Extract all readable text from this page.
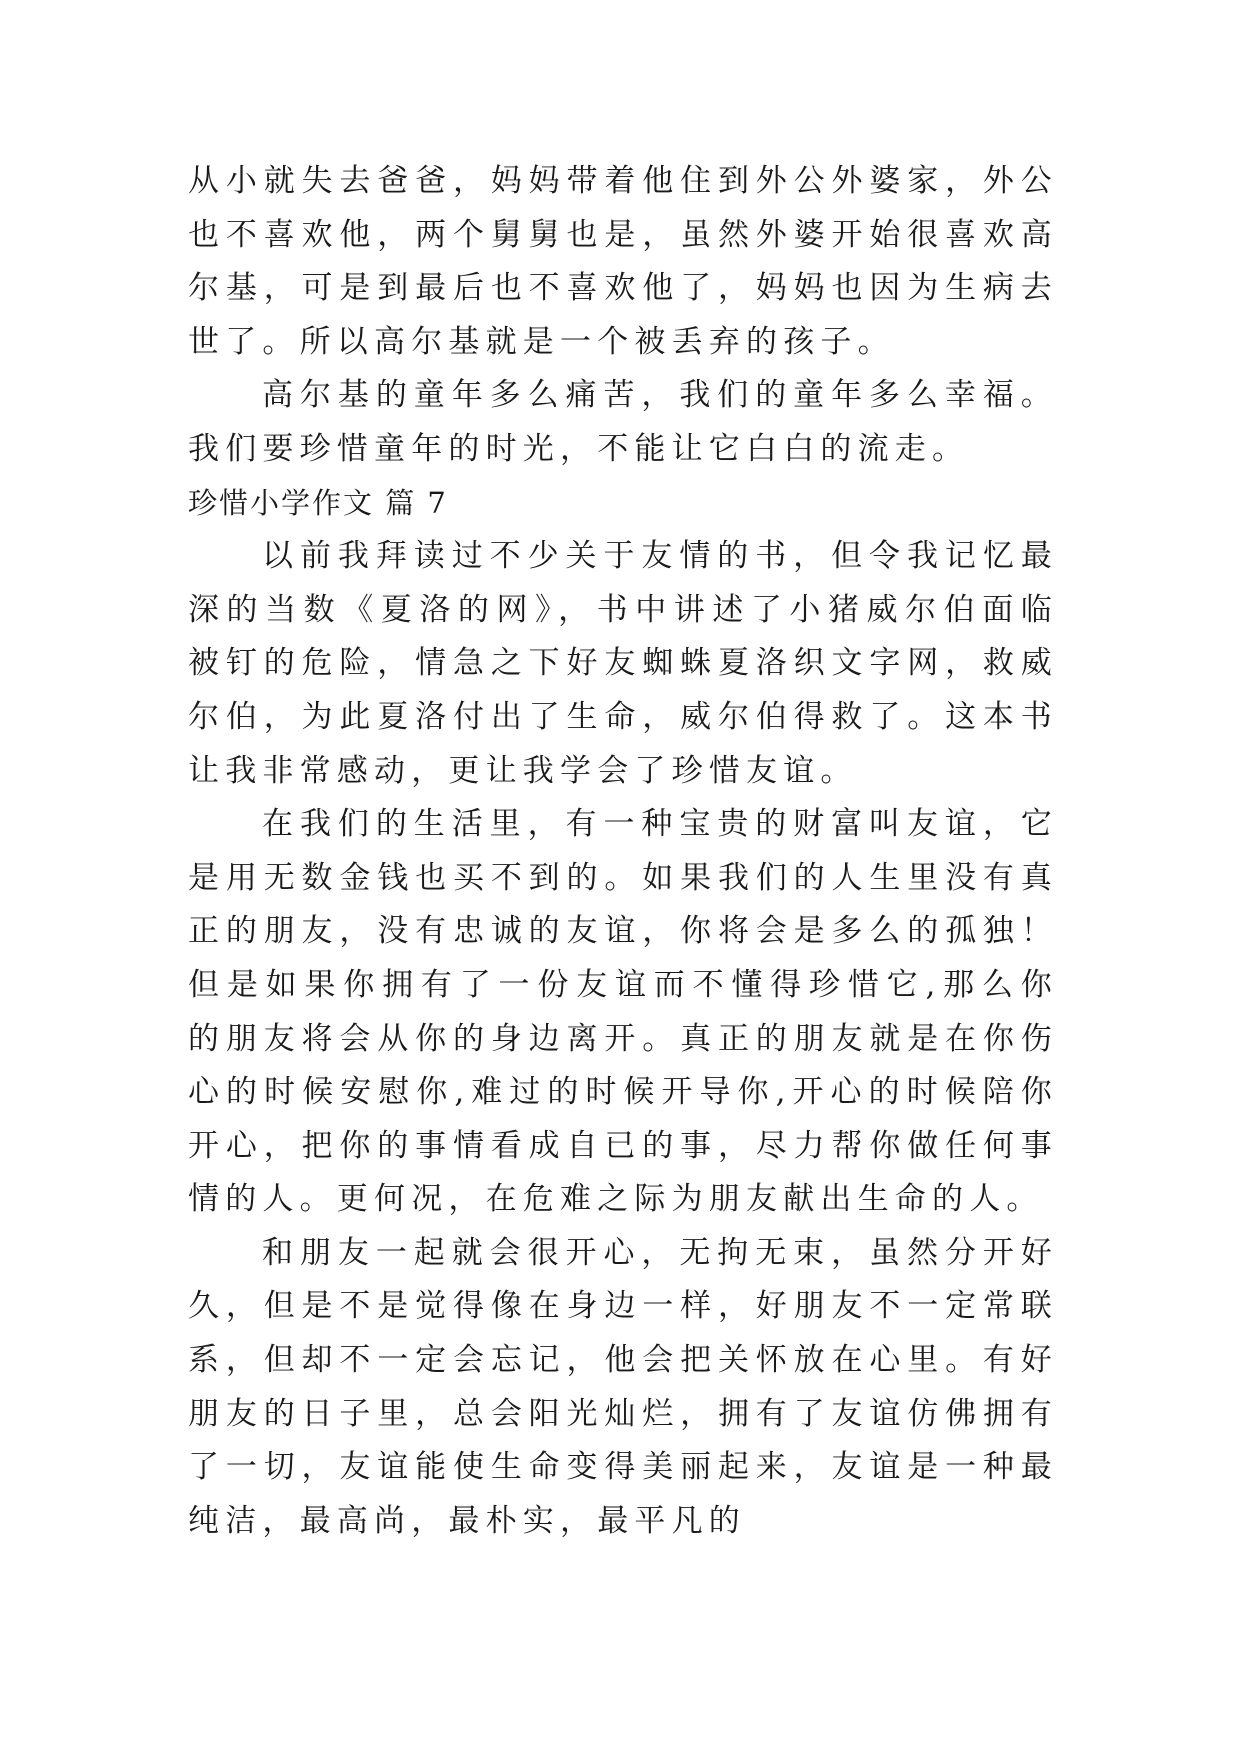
从小就失去爸爸，妈妈带着他住到外公外婆家，外公也不喜欢他，两个舅舅也是，虽然外婆开始很喜欢高尔基，可是到最后也不喜欢他了，妈妈也因为生病去世了。所以高尔基就是一个被丢弃的孩子。

高尔基的童年多么痛苦，我们的童年多么幸福。我们要珍惜童年的时光，不能让它白白的流走。

珍惜小学作文 篇 7

以前我拜读过不少关于友情的书，但令我记忆最深的当数《夏洛的网》，书中讲述了小猪威尔伯面临被钉的危险，情急之下好友蜘蛛夏洛织文字网，救威尔伯，为此夏洛付出了生命，威尔伯得救了。这本书让我非常感动，更让我学会了珍惜友谊。

在我们的生活里，有一种宝贵的财富叫友谊，它是用无数金钱也买不到的。如果我们的人生里没有真正的朋友，没有忠诚的友谊，你将会是多么的孤独！但是如果你拥有了一份友谊而不懂得珍惜它,那么你的朋友将会从你的身边离开。真正的朋友就是在你伤心的时候安慰你,难过的时候开导你,开心的时候陪你开心，把你的事情看成自已的事，尽力帮你做任何事情的人。更何况，在危难之际为朋友献出生命的人。

和朋友一起就会很开心，无拘无束，虽然分开好久，但是不是觉得像在身边一样，好朋友不一定常联系，但却不一定会忘记，他会把关怀放在心里。有好朋友的日子里，总会阳光灿烂，拥有了友谊仿佛拥有了一切，友谊能使生命变得美丽起来，友谊是一种最纯洁，最高尚，最朴实，最平凡的
